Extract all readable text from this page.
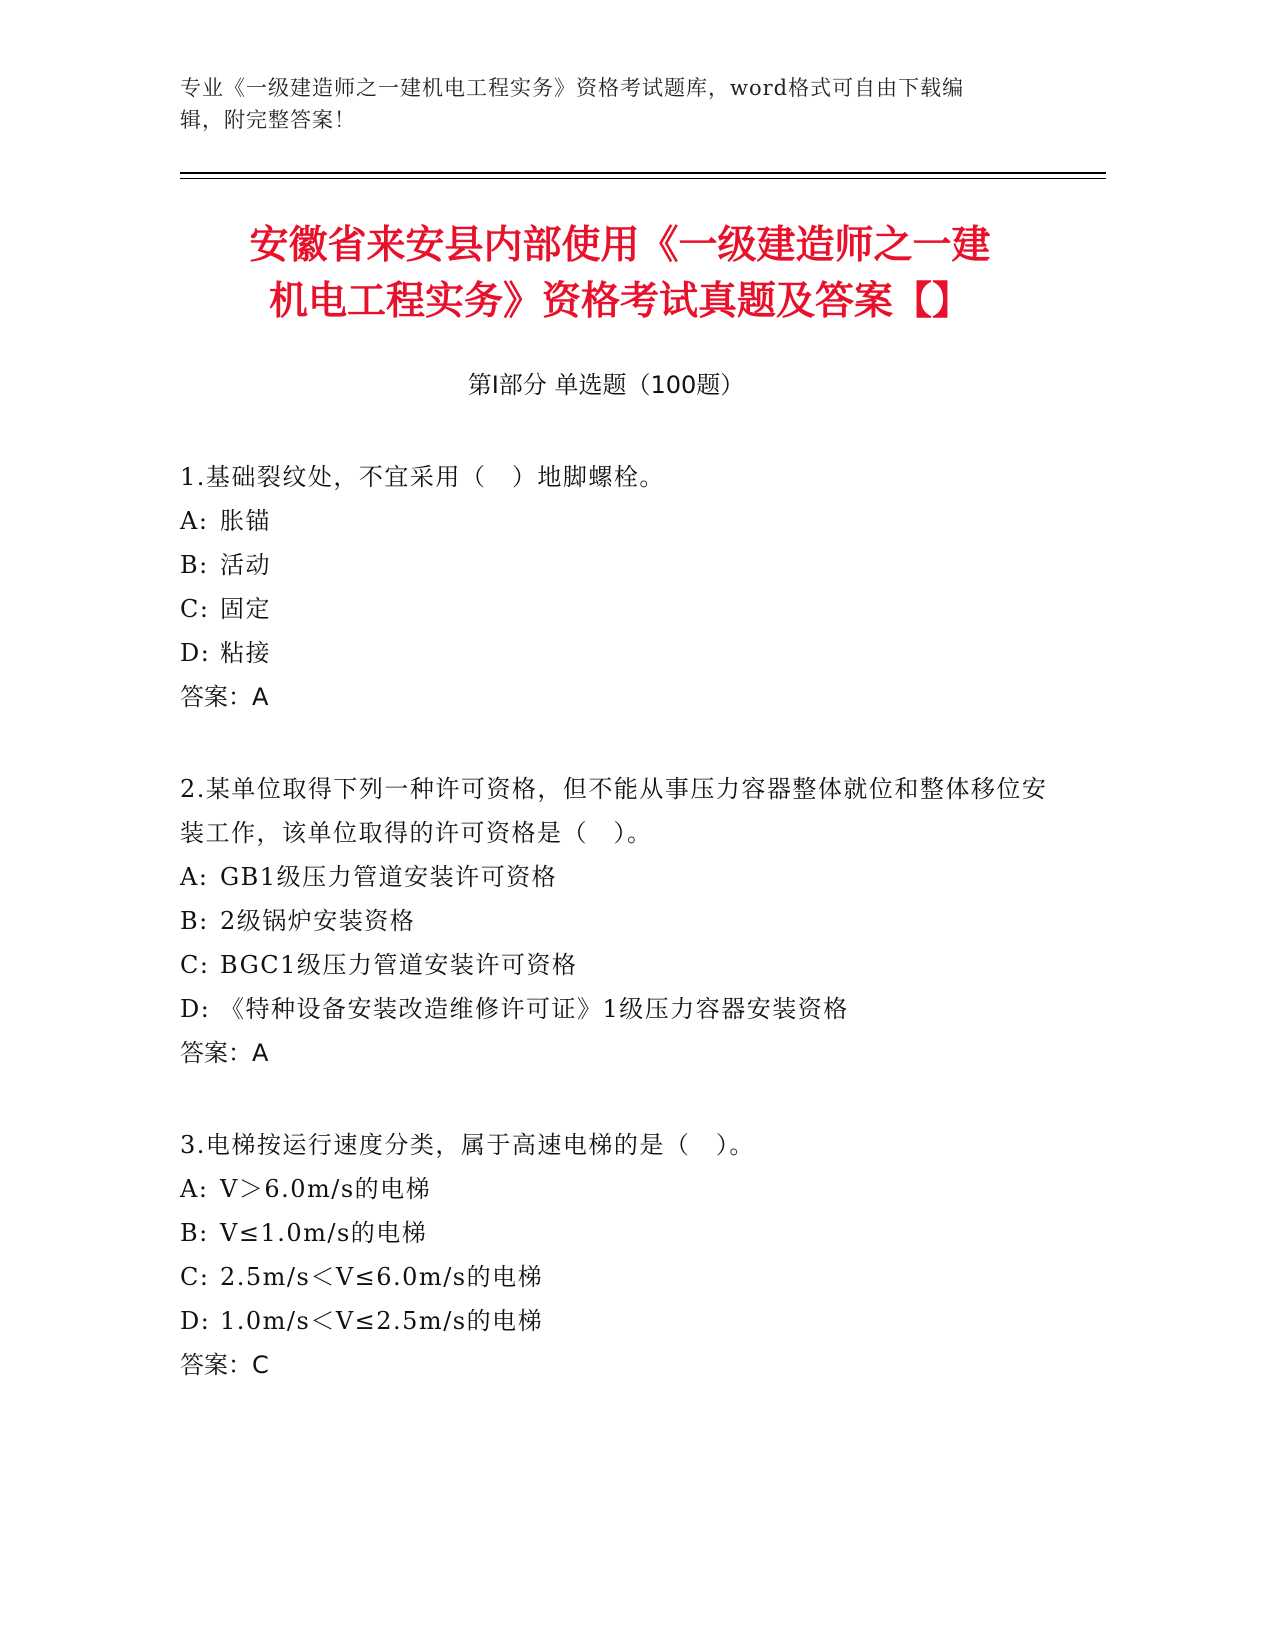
专业《一级建造师之一建机电工程实务》资格考试题库，word格式可自由下载编
辑，附完整答案！
安徽省来安县内部使用《一级建造师之一建
机电工程实务》资格考试真题及答案【】
第Ⅰ部分 单选题（100题）

1.基础裂纹处，不宜采用（　）地脚螺栓。

A: 胀锚

B: 活动

C: 固定

D: 粘接

答案：A

2.某单位取得下列一种许可资格，但不能从事压力容器整体就位和整体移位安装工作，该单位取得的许可资格是（　）。

A: GB1级压力管道安装许可资格

B: 2级锅炉安装资格

C: BGC1级压力管道安装许可资格

D: 《特种设备安装改造维修许可证》1级压力容器安装资格

答案：A

3.电梯按运行速度分类，属于高速电梯的是（　）。

A: V＞6.0m/s的电梯

B: V≤1.0m/s的电梯

C: 2.5m/s＜V≤6.0m/s的电梯

D: 1.0m/s＜V≤2.5m/s的电梯

答案：C
